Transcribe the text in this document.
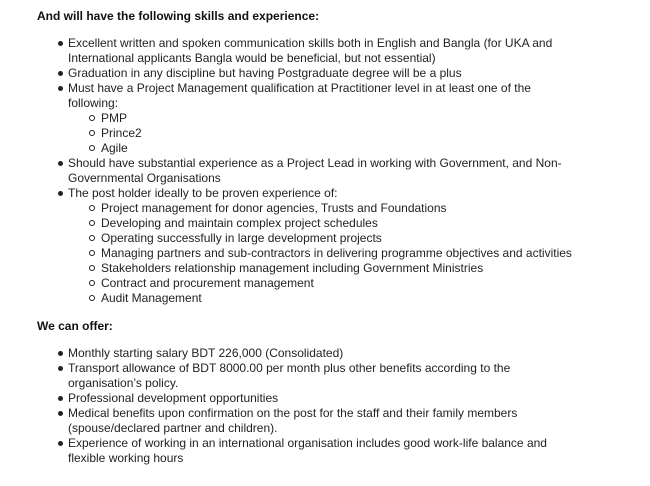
And will have the following skills and experience:
Excellent written and spoken communication skills both in English and Bangla (for UKA and International applicants Bangla would be beneficial, but not essential)
Graduation in any discipline but having Postgraduate degree will be a plus
Must have a Project Management qualification at Practitioner level in at least one of the following:
PMP
Prince2
Agile
Should have substantial experience as a Project Lead in working with Government, and Non-Governmental Organisations
The post holder ideally to be proven experience of:
Project management for donor agencies, Trusts and Foundations
Developing and maintain complex project schedules
Operating successfully in large development projects
Managing partners and sub-contractors in delivering programme objectives and activities
Stakeholders relationship management including Government Ministries
Contract and procurement management
Audit Management
We can offer:
Monthly starting salary BDT 226,000 (Consolidated)
Transport allowance of BDT 8000.00 per month plus other benefits according to the organisation’s policy.
Professional development opportunities
Medical benefits upon confirmation on the post for the staff and their family members (spouse/declared partner and children).
Experience of working in an international organisation includes good work-life balance and flexible working hours
